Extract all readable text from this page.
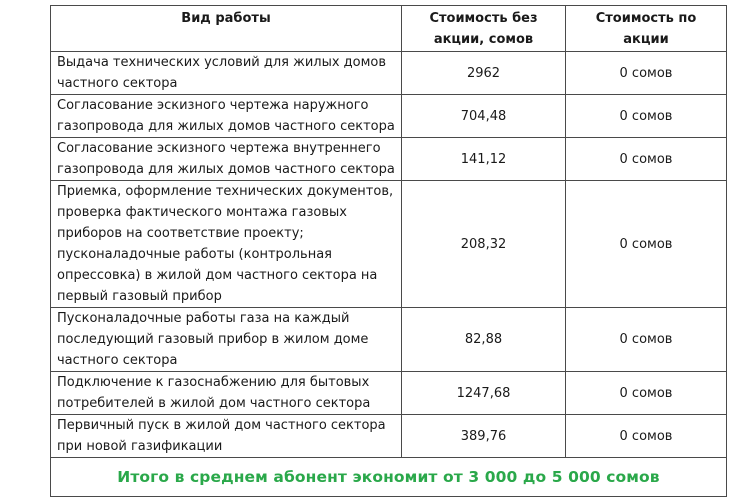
Вид работы	Стоимость без акции, сомов	Стоимость по акции
Выдача технических условий для жилых домов частного сектора	2962	0 сомов
Согласование эскизного чертежа наружного газопровода для жилых домов частного сектора	704,48	0 сомов
Согласование эскизного чертежа внутреннего газопровода для жилых домов частного сектора	141,12	0 сомов
Приемка, оформление технических документов, проверка фактического монтажа газовых приборов на соответствие проекту; пусконаладочные работы (контрольная опрессовка) в жилой дом частного сектора на первый газовый прибор	208,32	0 сомов
Пусконаладочные работы газа на каждый последующий газовый прибор в жилом доме частного сектора	82,88	0 сомов
Подключение к газоснабжению для бытовых потребителей в жилой дом частного сектора	1247,68	0 сомов
Первичный пуск в жилой дом частного сектора при новой газификации	389,76	0 сомов
Итого в среднем абонент экономит от 3 000 до 5 000 сомов		
